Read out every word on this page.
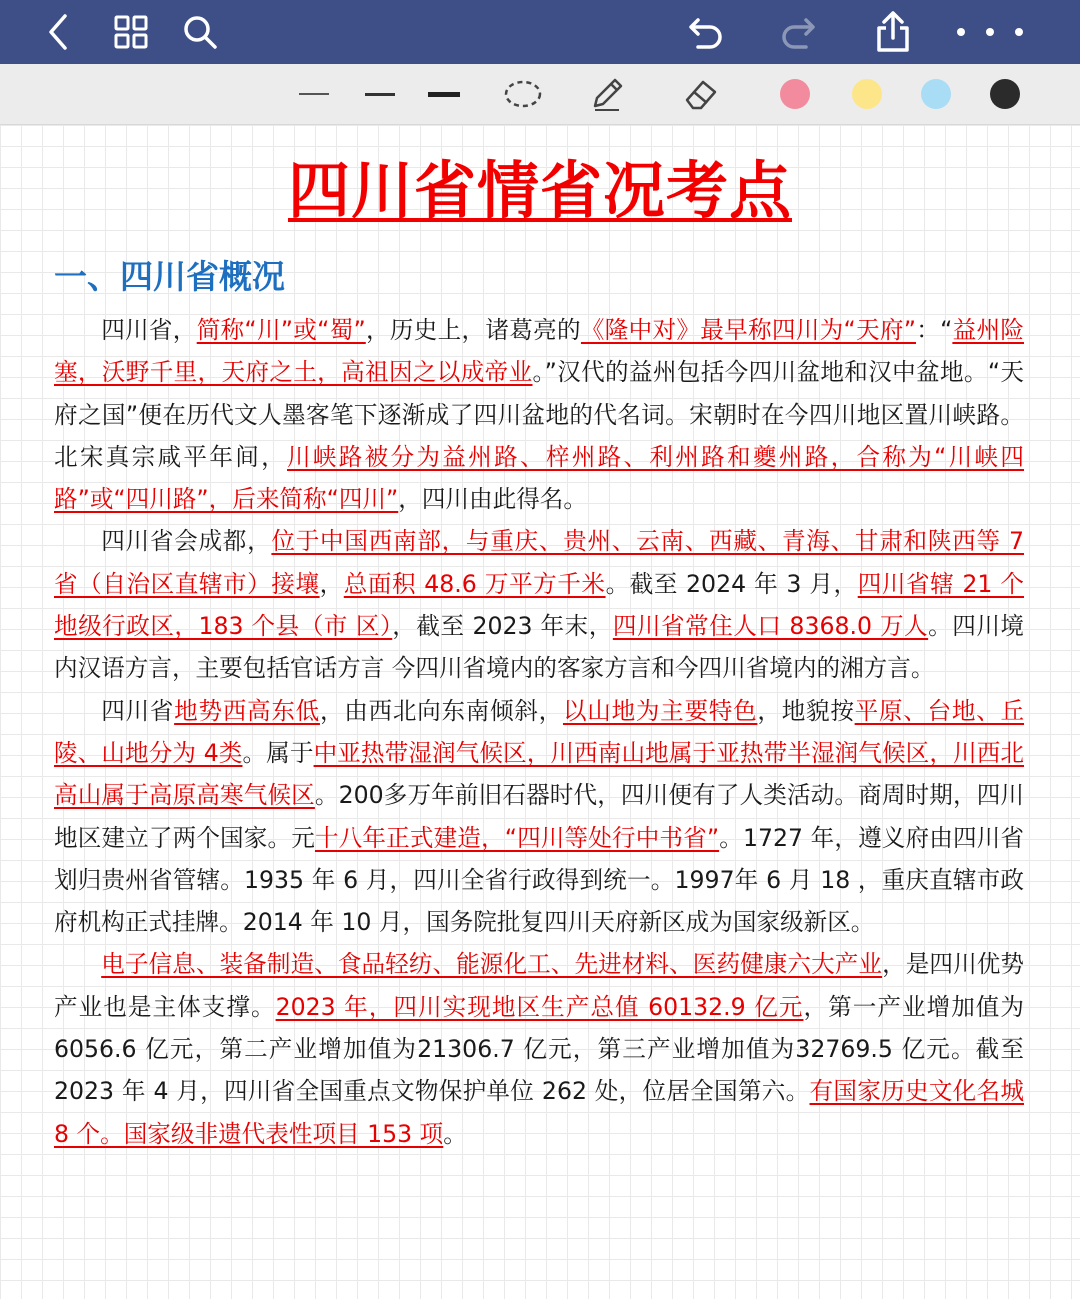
四川省情省况考点
一、四川省概况

四川省，简称“川”或“蜀”，历史上，诸葛亮的《隆中对》最早称四川为“天府”：“益州险塞，沃野千里，天府之土，高祖因之以成帝业。”汉代的益州包括今四川盆地和汉中盆地。“天府之国”便在历代文人墨客笔下逐渐成了四川盆地的代名词。宋朝时在今四川地区置川峡路。北宋真宗咸平年间，川峡路被分为益州路、梓州路、利州路和夔州路，合称为“川峡四路”或“四川路”，后来简称“四川”，四川由此得名。

四川省会成都，位于中国西南部，与重庆、贵州、云南、西藏、青海、甘肃和陕西等 7 省（自治区直辖市）接壤，总面积 48.6 万平方千米。截至 2024 年 3 月，四川省辖 21 个地级行政区，183 个县（市 区），截至 2023 年末，四川省常住人口 8368.0 万人。四川境内汉语方言，主要包括官话方言 今四川省境内的客家方言和今四川省境内的湘方言。

四川省地势西高东低，由西北向东南倾斜，以山地为主要特色，地貌按平原、台地、丘陵、山地分为 4类。属于中亚热带湿润气候区，川西南山地属于亚热带半湿润气候区，川西北高山属于高原高寒气候区。200多万年前旧石器时代，四川便有了人类活动。商周时期，四川地区建立了两个国家。元十八年正式建造，“四川等处行中书省”。1727 年，遵义府由四川省划归贵州省管辖。1935 年 6 月，四川全省行政得到统一。1997年 6 月 18 ，重庆直辖市政府机构正式挂牌。2014 年 10 月，国务院批复四川天府新区成为国家级新区。

电子信息、装备制造、食品轻纺、能源化工、先进材料、医药健康六大产业，是四川优势产业也是主体支撑。2023 年，四川实现地区生产总值 60132.9 亿元，第一产业增加值为 6056.6 亿元，第二产业增加值为21306.7 亿元，第三产业增加值为32769.5 亿元。截至 2023 年 4 月，四川省全国重点文物保护单位 262 处，位居全国第六。有国家历史文化名城 8 个。国家级非遗代表性项目 153 项。
